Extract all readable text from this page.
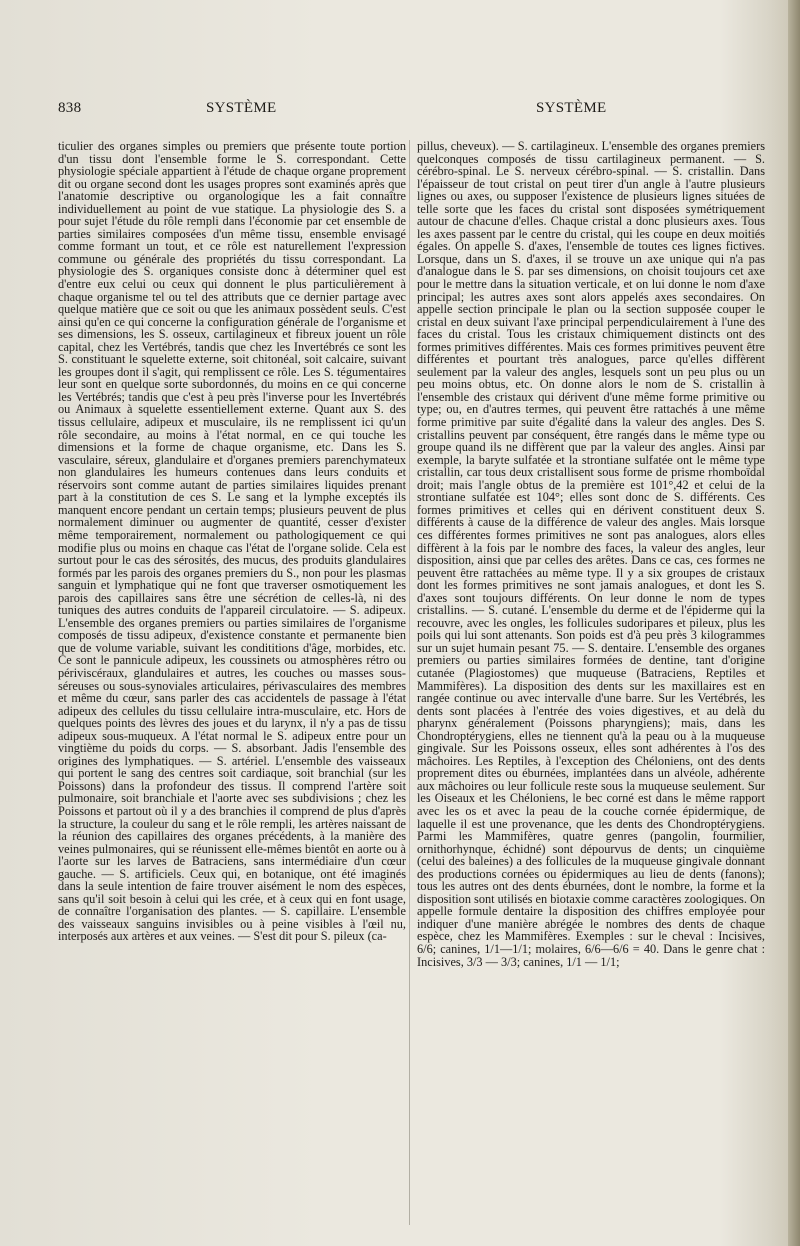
838	SYSTÈME	SYSTÈME

ticulier des organes simples ou premiers que présente toute portion d'un tissu dont l'ensemble forme le S. correspondant. Cette physiologie spéciale appartient à l'étude de chaque organe proprement dit ou organe second dont les usages propres sont examinés après que l'anatomie descriptive ou organologique les a fait connaître individuellement au point de vue statique. La physiologie des S. a pour sujet l'étude du rôle rempli dans l'économie par cet ensemble de parties similaires composées d'un même tissu, ensemble envisagé comme formant un tout, et ce rôle est naturellement l'expression commune ou générale des propriétés du tissu correspondant. La physiologie des S. organiques consiste donc à déterminer quel est d'entre eux celui ou ceux qui donnent le plus particulièrement à chaque organisme tel ou tel des attributs que ce dernier partage avec quelque matière que ce soit ou que les animaux possèdent seuls. C'est ainsi qu'en ce qui concerne la configuration générale de l'organisme et ses dimensions, les S. osseux, cartilagineux et fibreux jouent un rôle capital, chez les Vertébrés, tandis que chez les Invertébrés ce sont les S. constituant le squelette externe, soit chitonéal, soit calcaire, suivant les groupes dont il s'agit, qui remplissent ce rôle. Les S. tégumentaires leur sont en quelque sorte subordonnés, du moins en ce qui concerne les Vertébrés; tandis que c'est à peu près l'inverse pour les Invertébrés ou Animaux à squelette essentiellement externe. Quant aux S. des tissus cellulaire, adipeux et musculaire, ils ne remplissent ici qu'un rôle secondaire, au moins à l'état normal, en ce qui touche les dimensions et la forme de chaque organisme, etc. Dans les S. vasculaire, séreux, glandulaire et d'organes premiers parenchymateux non glandulaires les humeurs contenues dans leurs conduits et réservoirs sont comme autant de parties similaires liquides prenant part à la constitution de ces S. Le sang et la lymphe exceptés ils manquent encore pendant un certain temps; plusieurs peuvent de plus normalement diminuer ou augmenter de quantité, cesser d'exister même temporairement, normalement ou pathologiquement ce qui modifie plus ou moins en chaque cas l'état de l'organe solide. Cela est surtout pour le cas des sérosités, des mucus, des produits glandulaires formés par les parois des organes premiers du S., non pour les plasmas sanguin et lymphatique qui ne font que traverser osmotiquement les parois des capillaires sans être une sécrétion de celles-là, ni des tuniques des autres conduits de l'appareil circulatoire. — S. adipeux. L'ensemble des organes premiers ou parties similaires de l'organisme composés de tissu adipeux, d'existence constante et permanente bien que de volume variable, suivant les condititions d'âge, morbides, etc. Ce sont le pannicule adipeux, les coussinets ou atmosphères rétro ou périviscéraux, glandulaires et autres, les couches ou masses sous-séreuses ou sous-synoviales articulaires, périvasculaires des membres et même du cœur, sans parler des cas accidentels de passage à l'état adipeux des cellules du tissu cellulaire intra-musculaire, etc. Hors de quelques points des lèvres des joues et du larynx, il n'y a pas de tissu adipeux sous-muqueux. A l'état normal le S. adipeux entre pour un vingtième du poids du corps. — S. absorbant. Jadis l'ensemble des origines des lymphatiques. — S. artériel. L'ensemble des vaisseaux qui portent le sang des centres soit cardiaque, soit branchial (sur les Poissons) dans la profondeur des tissus. Il comprend l'artère soit pulmonaire, soit branchiale et l'aorte avec ses subdivisions ; chez les Poissons et partout où il y a des branchies il comprend de plus d'après la structure, la couleur du sang et le rôle rempli, les artères naissant de la réunion des capillaires des organes précédents, à la manière des veines pulmonaires, qui se réunissent elle-mêmes bientôt en aorte ou à l'aorte sur les larves de Batraciens, sans intermédiaire d'un cœur gauche. — S. artificiels. Ceux qui, en botanique, ont été imaginés dans la seule intention de faire trouver aisément le nom des espèces, sans qu'il soit besoin à celui qui les crée, et à ceux qui en font usage, de connaître l'organisation des plantes. — S. capillaire. L'ensemble des vaisseaux sanguins invisibles ou à peine visibles à l'œil nu, interposés aux artères et aux veines. — S'est dit pour S. pileux (ca-

pillus, cheveux). — S. cartilagineux. L'ensemble des organes premiers quelconques composés de tissu cartilagineux permanent. — S. cérébro-spinal. Le S. nerveux cérébro-spinal. — S. cristallin. Dans l'épaisseur de tout cristal on peut tirer d'un angle à l'autre plusieurs lignes ou axes, ou supposer l'existence de plusieurs lignes situées de telle sorte que les faces du cristal sont disposées symétriquement autour de chacune d'elles. Chaque cristal a donc plusieurs axes. Tous les axes passent par le centre du cristal, qui les coupe en deux moitiés égales. On appelle S. d'axes, l'ensemble de toutes ces lignes fictives. Lorsque, dans un S. d'axes, il se trouve un axe unique qui n'a pas d'analogue dans le S. par ses dimensions, on choisit toujours cet axe pour le mettre dans la situation verticale, et on lui donne le nom d'axe principal; les autres axes sont alors appelés axes secondaires. On appelle section principale le plan ou la section supposée couper le cristal en deux suivant l'axe principal perpendiculairement à l'une des faces du cristal. Tous les cristaux chimiquement distincts ont des formes primitives différentes. Mais ces formes primitives peuvent être différentes et pourtant très analogues, parce qu'elles diffèrent seulement par la valeur des angles, lesquels sont un peu plus ou un peu moins obtus, etc. On donne alors le nom de S. cristallin à l'ensemble des cristaux qui dérivent d'une même forme primitive ou type; ou, en d'autres termes, qui peuvent être rattachés à une même forme primitive par suite d'égalité dans la valeur des angles. Des S. cristallins peuvent par conséquent, être rangés dans le même type ou groupe quand ils ne diffèrent que par la valeur des angles. Ainsi par exemple, la baryte sulfatée et la strontiane sulfatée ont le même type cristallin, car tous deux cristallisent sous forme de prisme rhomboïdal droit; mais l'angle obtus de la première est 101°,42 et celui de la strontiane sulfatée est 104°; elles sont donc de S. différents. Ces formes primitives et celles qui en dérivent constituent deux S. différents à cause de la différence de valeur des angles. Mais lorsque ces différentes formes primitives ne sont pas analogues, alors elles diffèrent à la fois par le nombre des faces, la valeur des angles, leur disposition, ainsi que par celles des arêtes. Dans ce cas, ces formes ne peuvent être rattachées au même type. Il y a six groupes de cristaux dont les formes primitives ne sont jamais analogues, et dont les S. d'axes sont toujours différents. On leur donne le nom de types cristallins. — S. cutané. L'ensemble du derme et de l'épiderme qui la recouvre, avec les ongles, les follicules sudoripares et pileux, plus les poils qui lui sont attenants. Son poids est d'à peu près 3 kilogrammes sur un sujet humain pesant 75. — S. dentaire. L'ensemble des organes premiers ou parties similaires formées de dentine, tant d'origine cutanée (Plagiostomes) que muqueuse (Batraciens, Reptiles et Mammifères). La disposition des dents sur les maxillaires est en rangée continue ou avec intervalle d'une barre. Sur les Vertébrés, les dents sont placées à l'entrée des voies digestives, et au delà du pharynx généralement (Poissons pharyngiens); mais, dans les Chondroptérygiens, elles ne tiennent qu'à la peau ou à la muqueuse gingivale. Sur les Poissons osseux, elles sont adhérentes à l'os des mâchoires. Les Reptiles, à l'exception des Chéloniens, ont des dents proprement dites ou éburnées, implantées dans un alvéole, adhérente aux mâchoires ou leur follicule reste sous la muqueuse seulement. Sur les Oiseaux et les Chéloniens, le bec corné est dans le même rapport avec les os et avec la peau de la couche cornée épidermique, de laquelle il est une provenance, que les dents des Chondroptérygiens. Parmi les Mammifères, quatre genres (pangolin, fourmilier, ornithorhynque, échidné) sont dépourvus de dents; un cinquième (celui des baleines) a des follicules de la muqueuse gingivale donnant des productions cornées ou épidermiques au lieu de dents (fanons); tous les autres ont des dents éburnées, dont le nombre, la forme et la disposition sont utilisés en biotaxie comme caractères zoologiques. On appelle formule dentaire la disposition des chiffres employée pour indiquer d'une manière abrégée le nombres des dents de chaque espèce, chez les Mammifères. Exemples : sur le cheval : Incisives, 6/6; canines, 1/1—1/1; molaires, 6/6—6/6 = 40. Dans le genre chat : Incisives, 3/3 — 3/3; canines, 1/1 — 1/1;
